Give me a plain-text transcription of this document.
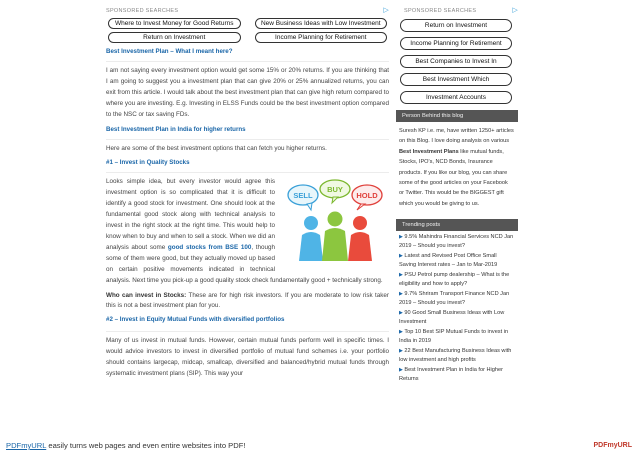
SPONSORED SEARCHES	▷
Where to Invest Money for Good Returns	New Business Ideas with Low Investment
Return on Investment	Income Planning for Retirement
Best Investment Plan – What I meant here?

I am not saying every investment option would get some 15% or 20% returns. If you are thinking that I am going to suggest you a investment plan that can give 20% or 25% annualized returns, you can exit from this article. I would talk about the best investment plan that can give high return compared to where you are investing. E.g. Investing in ELSS Funds could be the best investment option compared to the NSC or tax saving FDs.

Best Investment Plan in India for higher returns

Here are some of the best investment options that can fetch you higher returns.

#1 – Invest in Quality Stocks

SELL
BUY
HOLD
Looks simple idea, but every investor would agree this investment option is so complicated that it is difficult to identify a good stock for investment. One should look at the fundamental good stock along with technical analysis to invest in the right stock at the right time. This would help to know when to buy and when to sell a stock. When we did an analysis about some good stocks from BSE 100, though some of them were good, but they actually moved up based on certain positive movements indicated in technical analysis. Next time you pick-up a good quality stock check fundamentally good + technically strong.

Who can invest in Stocks: These are for high risk investors. If you are moderate to low risk taker this is not a best investment plan for you.

#2 – Invest in Equity Mutual Funds with diversified portfolios

Many of us invest in mutual funds. However, certain mutual funds perform well in specific times. I would advice investors to invest in diversified portfolio of mutual fund schemes i.e. your portfolio should contains largecap, midcap, smallcap, diversified and balanced/hybrid mutual funds through systematic investment plans (SIP). This way your

SPONSORED SEARCHES	▷
Return on Investment
Income Planning for Retirement
Best Companies to Invest In
Best Investment Which
Investment Accounts
Person Behind this blog

Suresh KP i.e. me, have written 1250+ articles on this Blog. I love doing analysis on various Best Investment Plans like mutual funds, Stocks, IPO's, NCD Bonds, Insurance products. If you like our blog, you can share some of the good articles on your Facebook or Twitter. This would be the BIGGEST gift which you would be giving to us.

Trending posts
▶ 9.5% Mahindra Financial Services NCD Jan 2019 – Should you invest?
▶ Latest and Revised Post Office Small Saving Interest rates – Jan to Mar-2019
▶ PSU Petrol pump dealership – What is the eligibility and how to apply?
▶ 9.7% Shriram Transport Finance NCD Jan 2019 – Should you invest?
▶ 90 Good Small Business Ideas with Low Investment
▶ Top 10 Best SIP Mutual Funds to invest in India in 2019
▶ 22 Best Manufacturing Business Ideas with low investment and high profits
▶ Best Investment Plan in India for Higher Returns
PDFmyURL easily turns web pages and even entire websites into PDF!	PDFmyURL
